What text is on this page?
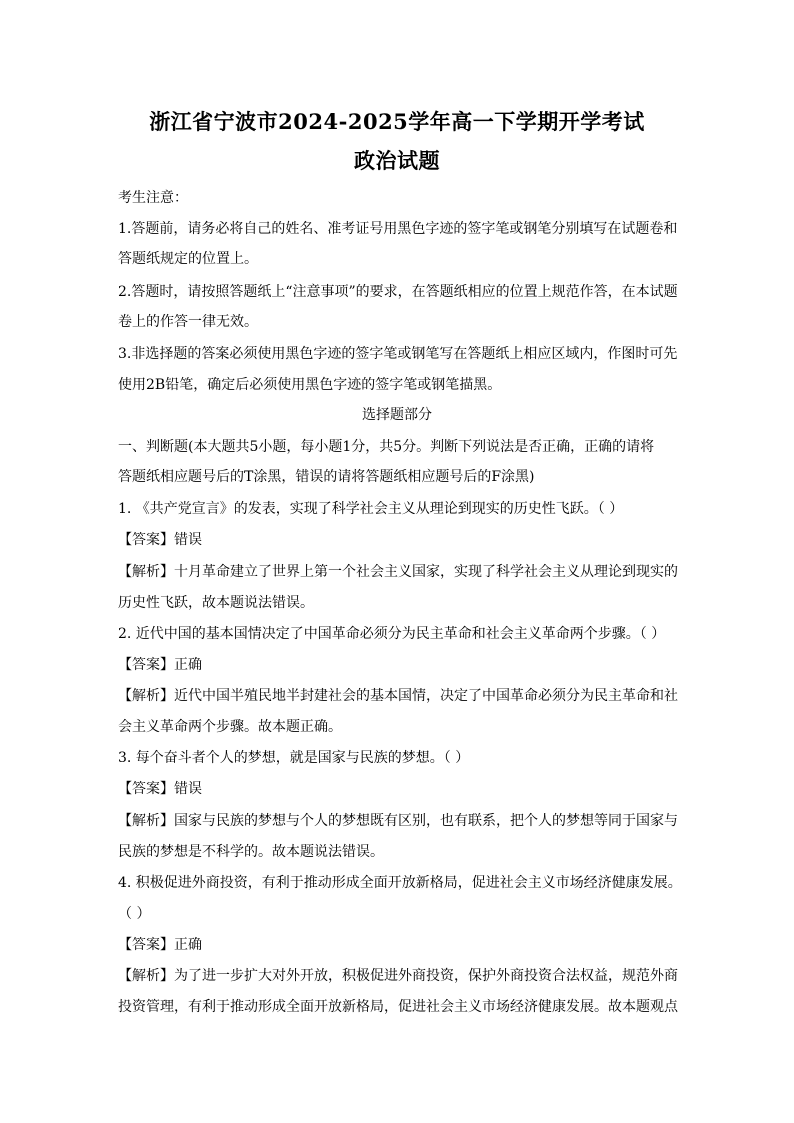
浙江省宁波市2024-2025学年高一下学期开学考试
政治试题
考生注意：
1.答题前，请务必将自己的姓名、准考证号用黑色字迹的签字笔或钢笔分别填写在试题卷和
答题纸规定的位置上。
2.答题时，请按照答题纸上“注意事项”的要求，在答题纸相应的位置上规范作答，在本试题
卷上的作答一律无效。
3.非选择题的答案必须使用黑色字迹的签字笔或钢笔写在答题纸上相应区域内，作图时可先
使用2B铅笔，确定后必须使用黑色字迹的签字笔或钢笔描黑。
选择题部分
一、判断题(本大题共5小题，每小题1分，共5分。判断下列说法是否正确，正确的请将
答题纸相应题号后的T涂黑，错误的请将答题纸相应题号后的F涂黑)
1. 《共产党宣言》的发表，实现了科学社会主义从理论到现实的历史性飞跃。（ ）
【答案】错误
【解析】十月革命建立了世界上第一个社会主义国家，实现了科学社会主义从理论到现实的
历史性飞跃，故本题说法错误。
2. 近代中国的基本国情决定了中国革命必须分为民主革命和社会主义革命两个步骤。（ ）
【答案】正确
【解析】近代中国半殖民地半封建社会的基本国情，决定了中国革命必须分为民主革命和社
会主义革命两个步骤。故本题正确。
3. 每个奋斗者个人的梦想，就是国家与民族的梦想。（ ）
【答案】错误
【解析】国家与民族的梦想与个人的梦想既有区别，也有联系，把个人的梦想等同于国家与
民族的梦想是不科学的。故本题说法错误。
4. 积极促进外商投资，有利于推动形成全面开放新格局，促进社会主义市场经济健康发展。
（ ）
【答案】正确
【解析】为了进一步扩大对外开放，积极促进外商投资，保护外商投资合法权益，规范外商
投资管理，有利于推动形成全面开放新格局，促进社会主义市场经济健康发展。故本题观点
